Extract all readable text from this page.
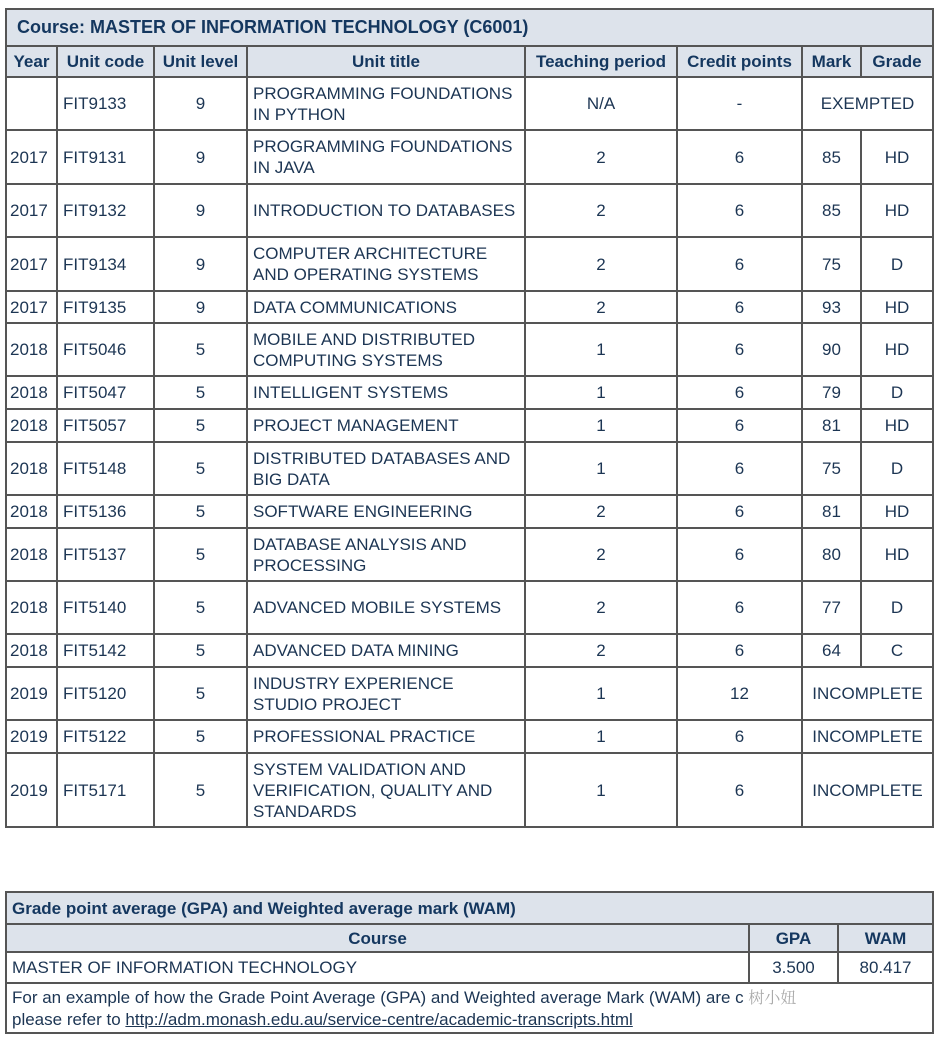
Course: MASTER OF INFORMATION TECHNOLOGY (C6001)							
Year	Unit code	Unit level	Unit title	Teaching period	Credit points	Mark	Grade
	FIT9133	9	PROGRAMMING FOUNDATIONS IN PYTHON	N/A	-	EXEMPTED	
2017	FIT9131	9	PROGRAMMING FOUNDATIONS IN JAVA	2	6	85	HD
2017	FIT9132	9	INTRODUCTION TO DATABASES	2	6	85	HD
2017	FIT9134	9	COMPUTER ARCHITECTURE AND OPERATING SYSTEMS	2	6	75	D
2017	FIT9135	9	DATA COMMUNICATIONS	2	6	93	HD
2018	FIT5046	5	MOBILE AND DISTRIBUTED COMPUTING SYSTEMS	1	6	90	HD
2018	FIT5047	5	INTELLIGENT SYSTEMS	1	6	79	D
2018	FIT5057	5	PROJECT MANAGEMENT	1	6	81	HD
2018	FIT5148	5	DISTRIBUTED DATABASES AND BIG DATA	1	6	75	D
2018	FIT5136	5	SOFTWARE ENGINEERING	2	6	81	HD
2018	FIT5137	5	DATABASE ANALYSIS AND PROCESSING	2	6	80	HD
2018	FIT5140	5	ADVANCED MOBILE SYSTEMS	2	6	77	D
2018	FIT5142	5	ADVANCED DATA MINING	2	6	64	C
2019	FIT5120	5	INDUSTRY EXPERIENCE STUDIO PROJECT	1	12	INCOMPLETE	
2019	FIT5122	5	PROFESSIONAL PRACTICE	1	6	INCOMPLETE	
2019	FIT5171	5	SYSTEM VALIDATION AND VERIFICATION, QUALITY AND STANDARDS	1	6	INCOMPLETE	
Grade point average (GPA) and Weighted average mark (WAM)		
Course	GPA	WAM
MASTER OF INFORMATION TECHNOLOGY	3.500	80.417
For an example of how the Grade Point Average (GPA) and Weighted average Mark (WAM) are c 树小妞
please refer to http://adm.monash.edu.au/service-centre/academic-transcripts.html		
